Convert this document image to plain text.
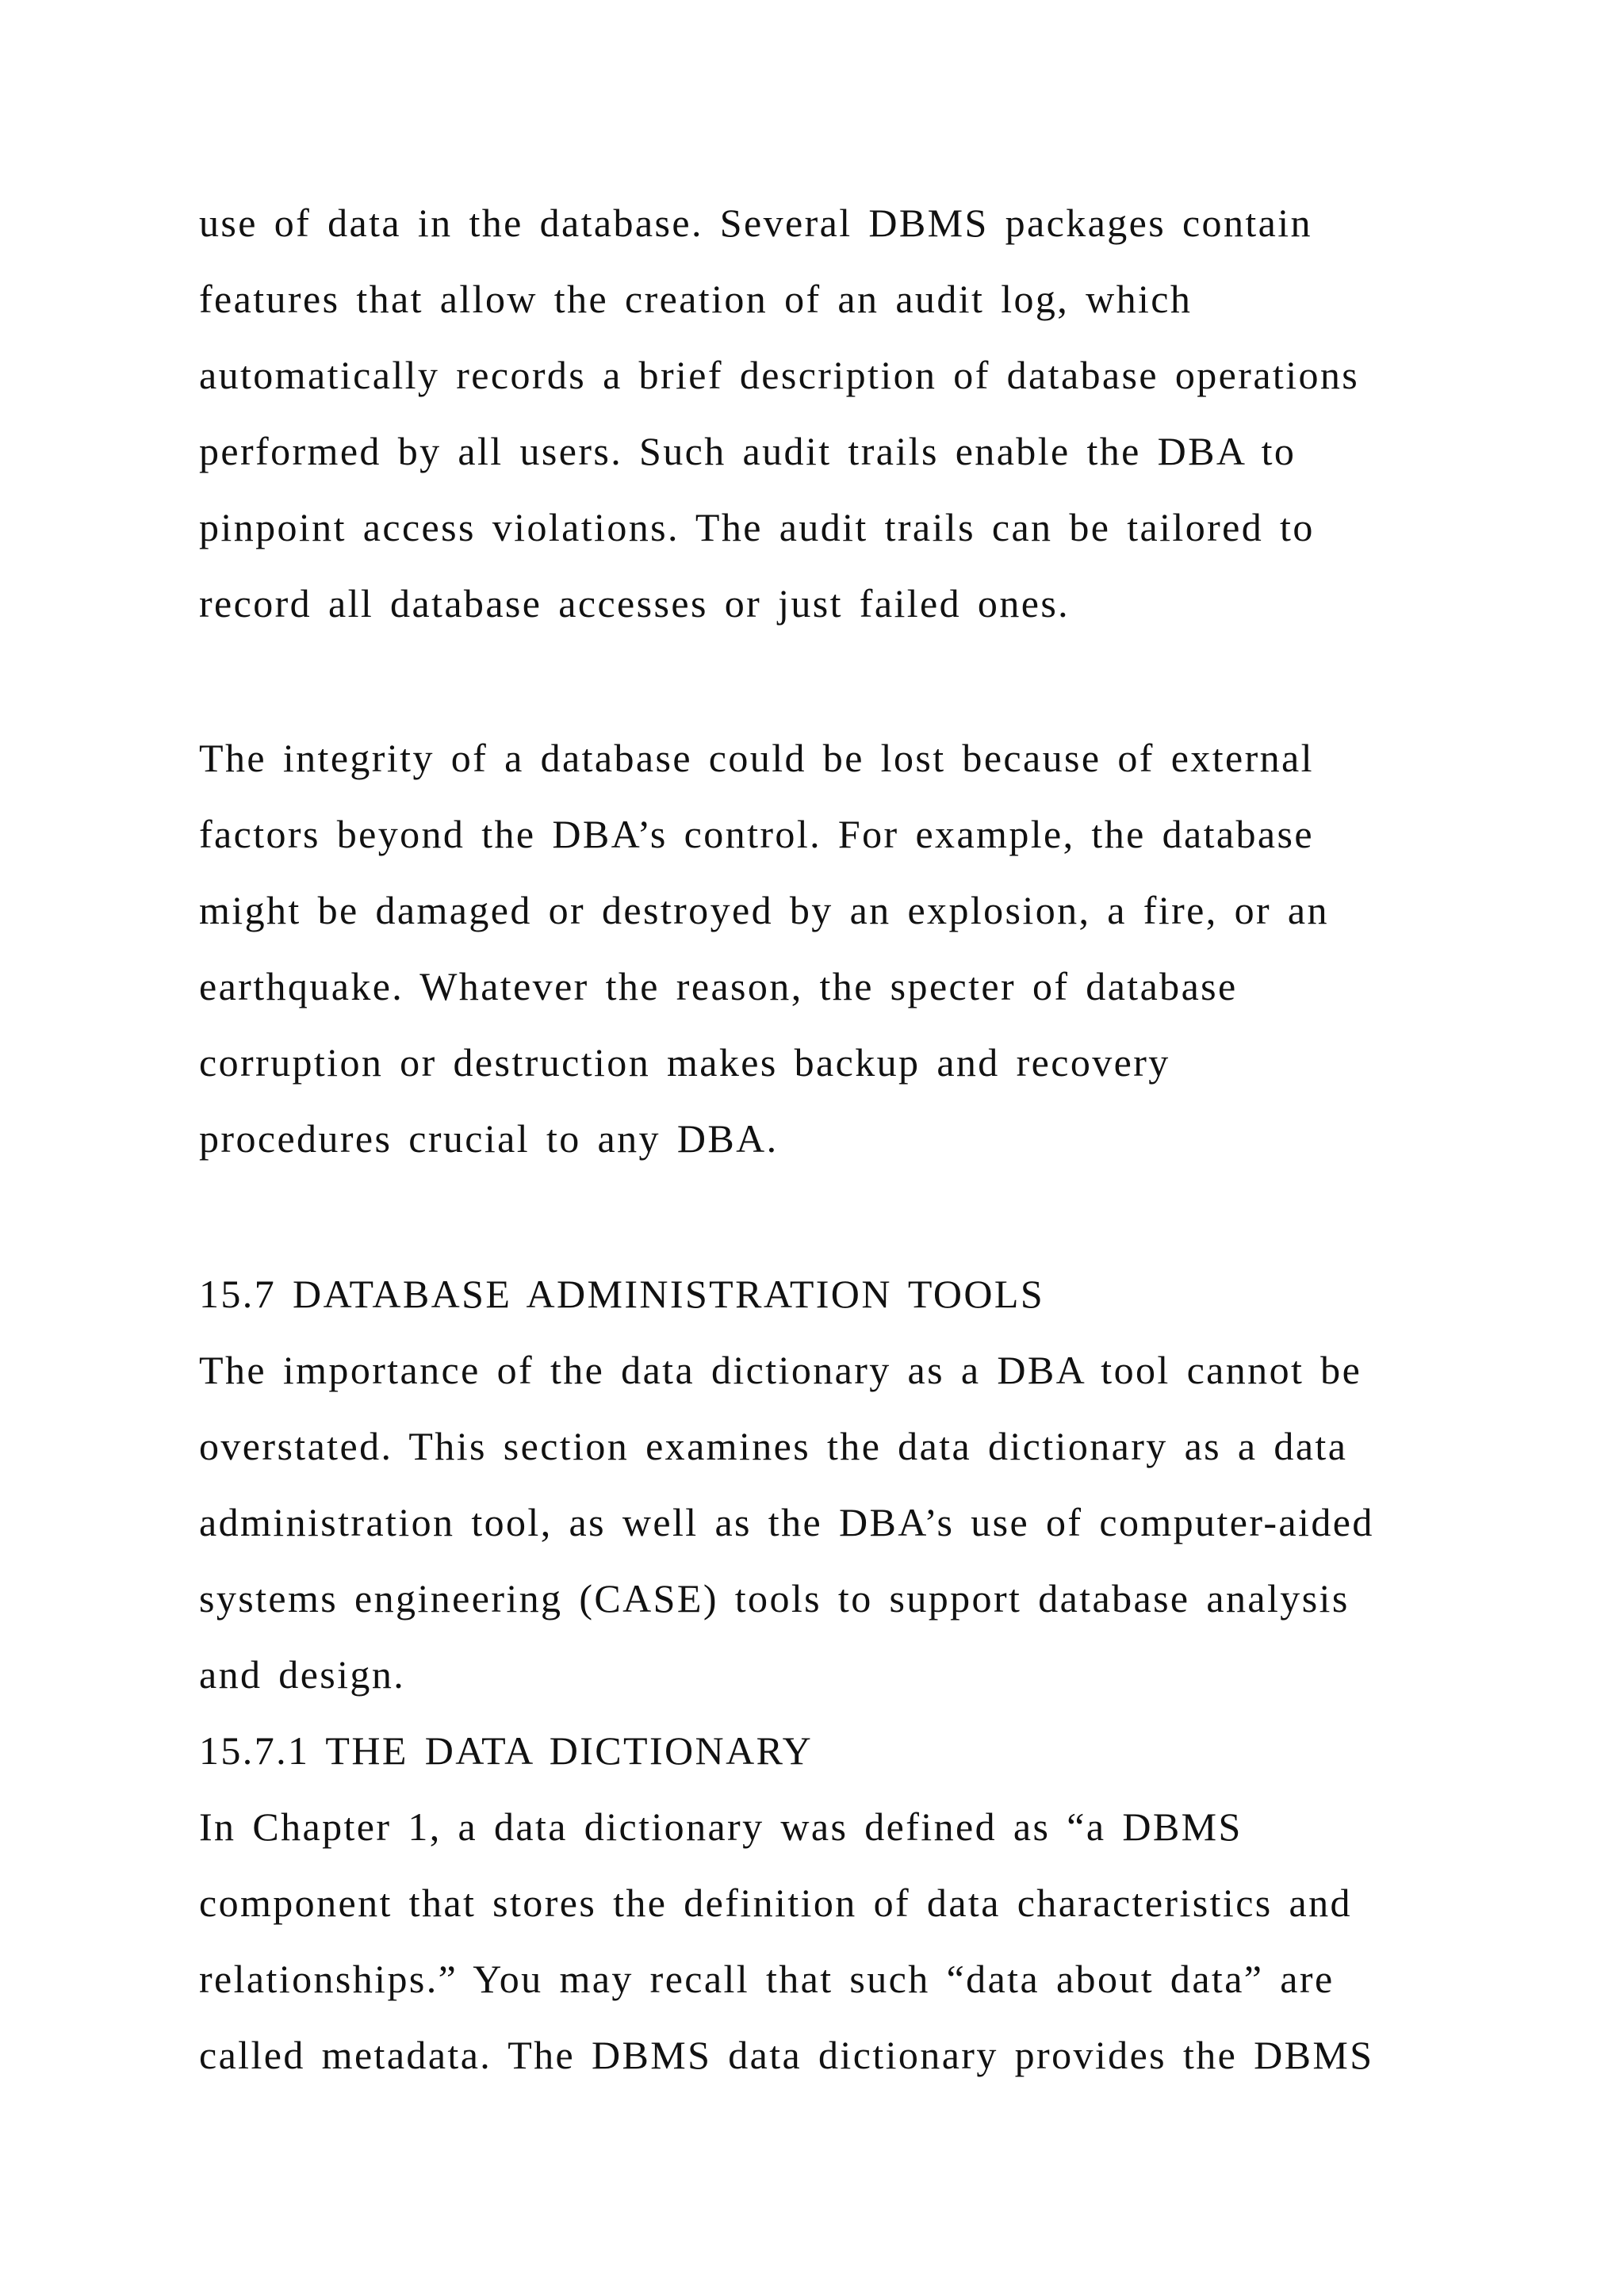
use of data in the database. Several DBMS packages contain
features that allow the creation of an audit log, which
automatically records a brief description of database operations
performed by all users. Such audit trails enable the DBA to
pinpoint access violations. The audit trails can be tailored to
record all database accesses or just failed ones.
The integrity of a database could be lost because of external
factors beyond the DBA’s control. For example, the database
might be damaged or destroyed by an explosion, a fire, or an
earthquake. Whatever the reason, the specter of database
corruption or destruction makes backup and recovery
procedures crucial to any DBA.
15.7 DATABASE ADMINISTRATION TOOLS
The importance of the data dictionary as a DBA tool cannot be
overstated. This section examines the data dictionary as a data
administration tool, as well as the DBA’s use of computer-aided
systems engineering (CASE) tools to support database analysis
and design.
15.7.1 THE DATA DICTIONARY
In Chapter 1, a data dictionary was defined as “a DBMS
component that stores the definition of data characteristics and
relationships.” You may recall that such “data about data” are
called metadata. The DBMS data dictionary provides the DBMS
